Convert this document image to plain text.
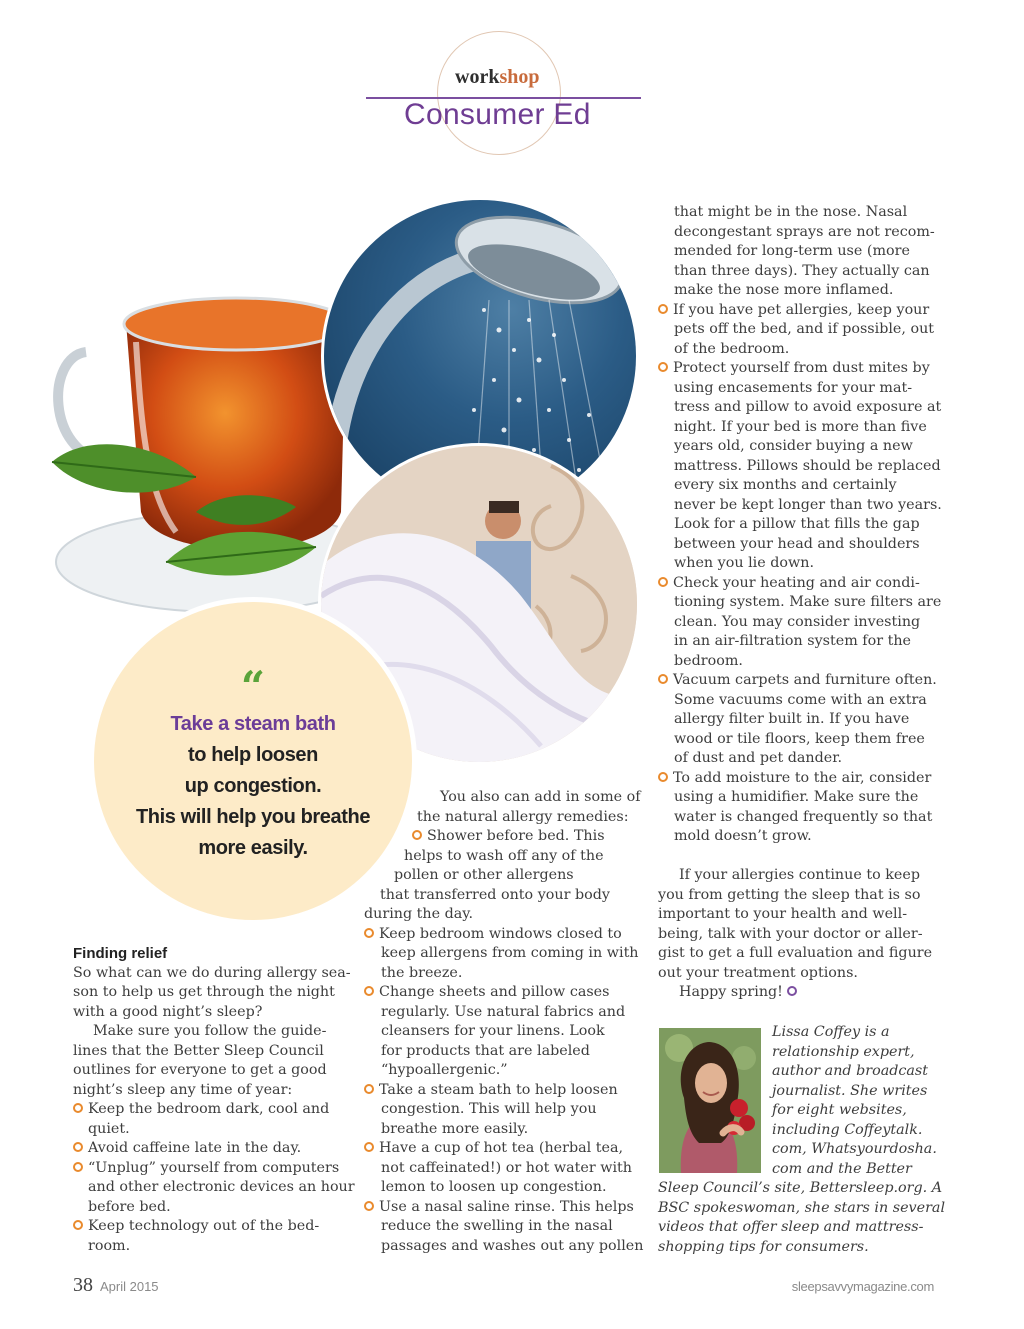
workshop
Consumer Ed
“
Take a steam bath
to help loosen
up congestion.
This will help you breathe
more easily.
Finding relief
So what can we do during allergy sea-
son to help us get through the night
with a good night’s sleep?
Make sure you follow the guide-
lines that the Better Sleep Council
outlines for everyone to get a good
night’s sleep any time of year:
Keep the bedroom dark, cool and
quiet.
Avoid caffeine late in the day.
“Unplug” yourself from computers
and other electronic devices an hour
before bed.
Keep technology out of the bed-
room.
You also can add in some of
the natural allergy remedies:
Shower before bed. This
helps to wash off any of the
pollen or other allergens
that transferred onto your body
during the day.
Keep bedroom windows closed to
keep allergens from coming in with
the breeze.
Change sheets and pillow cases
regularly. Use natural fabrics and
cleansers for your linens. Look
for products that are labeled
“hypoallergenic.”
Take a steam bath to help loosen
congestion. This will help you
breathe more easily.
Have a cup of hot tea (herbal tea,
not caffeinated!) or hot water with
lemon to loosen up congestion.
Use a nasal saline rinse. This helps
reduce the swelling in the nasal
passages and washes out any pollen
that might be in the nose. Nasal
decongestant sprays are not recom-
mended for long-term use (more
than three days). They actually can
make the nose more inflamed.
If you have pet allergies, keep your
pets off the bed, and if possible, out
of the bedroom.
Protect yourself from dust mites by
using encasements for your mat-
tress and pillow to avoid exposure at
night. If your bed is more than five
years old, consider buying a new
mattress. Pillows should be replaced
every six months and certainly
never be kept longer than two years.
Look for a pillow that fills the gap
between your head and shoulders
when you lie down.
Check your heating and air condi-
tioning system. Make sure filters are
clean. You may consider investing
in an air-filtration system for the
bedroom.
Vacuum carpets and furniture often.
Some vacuums come with an extra
allergy filter built in. If you have
wood or tile floors, keep them free
of dust and pet dander.
To add moisture to the air, consider
using a humidifier. Make sure the
water is changed frequently so that
mold doesn’t grow.
If your allergies continue to keep
you from getting the sleep that is so
important to your health and well-
being, talk with your doctor or aller-
gist to get a full evaluation and figure
out your treatment options.
Happy spring!
Lissa Coffey is a
relationship expert,
author and broadcast
journalist. She writes
for eight websites,
including Coffeytalk.
com, Whatsyourdosha.
com and the Better
Sleep Council’s site, Bettersleep.org. A
BSC spokeswoman, she stars in several
videos that offer sleep and mattress-
shopping tips for consumers.
38 April 2015	sleepsavvymagazine.com
